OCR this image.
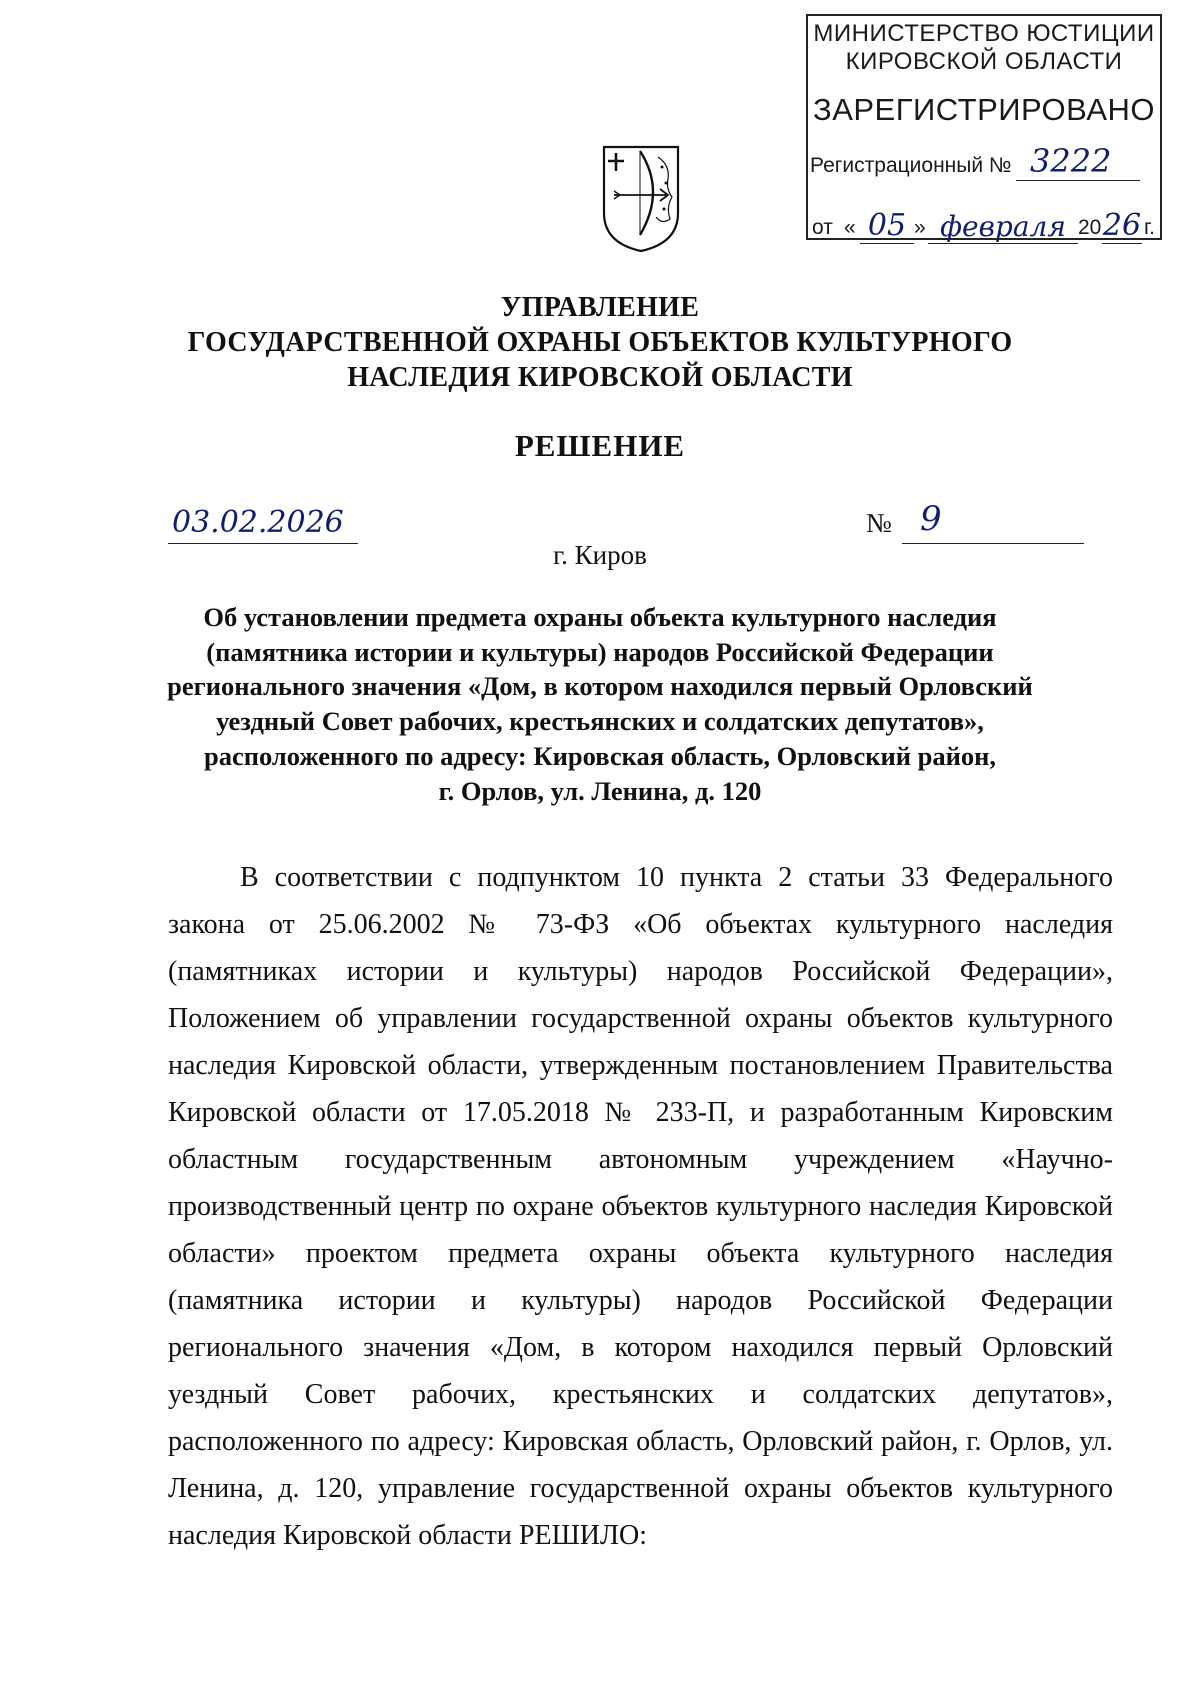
МИНИСТЕРСТВО ЮСТИЦИИ
КИРОВСКОЙ ОБЛАСТИ
ЗАРЕГИСТРИРОВАНО
Регистрационный № 3222
от « 05 » февраля 20 26 г.
УПРАВЛЕНИЕ
ГОСУДАРСТВЕННОЙ ОХРАНЫ ОБЪЕКТОВ КУЛЬТУРНОГО
НАСЛЕДИЯ КИРОВСКОЙ ОБЛАСТИ
РЕШЕНИЕ
03.02.2026	№ 9
г. Киров
Об установлении предмета охраны объекта культурного наследия
(памятника истории и культуры) народов Российской Федерации
регионального значения «Дом, в котором находился первый Орловский
уездный Совет рабочих, крестьянских и солдатских депутатов»,
расположенного по адресу: Кировская область, Орловский район,
г. Орлов, ул. Ленина, д. 120
В соответствии с подпунктом 10 пункта 2 статьи 33 Федерального закона от 25.06.2002 № 73-ФЗ «Об объектах культурного наследия (памятниках истории и культуры) народов Российской Федерации», Положением об управлении государственной охраны объектов культурного наследия Кировской области, утвержденным постановлением Правительства Кировской области от 17.05.2018 № 233-П, и разработанным Кировским областным государственным автономным учреждением «Научно-производственный центр по охране объектов культурного наследия Кировской области» проектом предмета охраны объекта культурного наследия (памятника истории и культуры) народов Российской Федерации регионального значения «Дом, в котором находился первый Орловский уездный Совет рабочих, крестьянских и солдатских депутатов», расположенного по адресу: Кировская область, Орловский район, г. Орлов, ул. Ленина, д. 120, управление государственной охраны объектов культурного наследия Кировской области РЕШИЛО:
